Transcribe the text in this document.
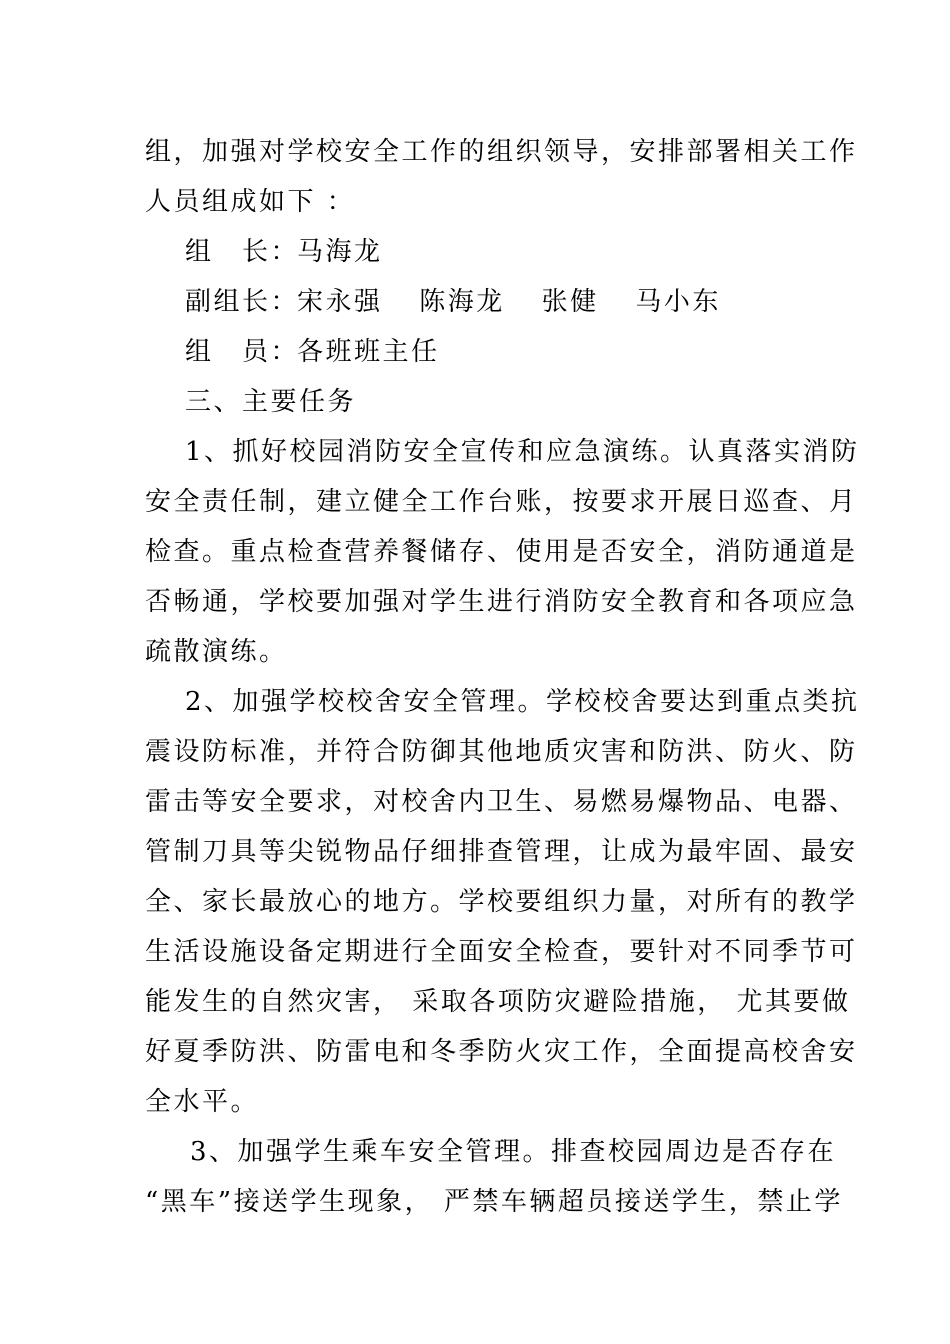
组，加强对学校安全工作的组织领导，安排部署相关工作
人员组成如下 ：
组　长：
马海龙
副组长：
宋永强 陈海龙 张健 马小东
组　员：
各班班主任
三、主要任务
1、抓好校园消防安全宣传和应急演练。认真落实消防
安全责任制，建立健全工作台账，按要求开展日巡查、月
检查。重点检查营养餐储存、使用是否安全，消防通道是
否畅通，学校要加强对学生进行消防安全教育和各项应急
疏散演练。
2、加强学校校舍安全管理。学校校舍要达到重点类抗
震设防标准，并符合防御其他地质灾害和防洪、防火、防
雷击等安全要求，对校舍内卫生、易燃易爆物品、电器、
管制刀具等尖锐物品仔细排查管理，让成为最牢固、最安
全、家长最放心的地方。学校要组织力量，对所有的教学
生活设施设备定期进行全面安全检查，要针对不同季节可
能发生的自然灾害， 采取各项防灾避险措施， 尤其要做
好夏季防洪、防雷电和冬季防火灾工作，全面提高校舍安
全水平。
3、加强学生乘车安全管理。排查校园周边是否存在
“黑车”接送学生现象， 严禁车辆超员接送学生，禁止学
